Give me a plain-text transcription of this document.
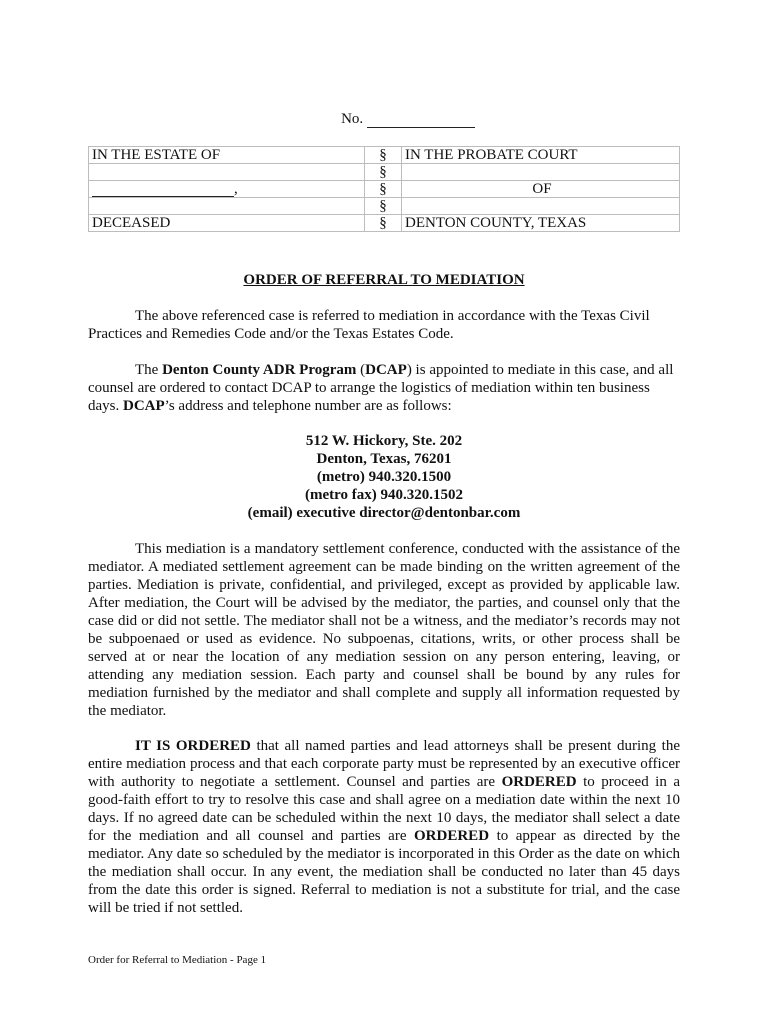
No.
IN THE ESTATE OF	§	IN THE PROBATE COURT
	§	
,	§	OF
	§	
DECEASED	§	DENTON COUNTY, TEXAS
ORDER OF REFERRAL TO MEDIATION

The above referenced case is referred to mediation in accordance with the Texas Civil Practices and Remedies Code and/or the Texas Estates Code.

The Denton County ADR Program (DCAP) is appointed to mediate in this case, and all counsel are ordered to contact DCAP to arrange the logistics of mediation within ten business days. DCAP’s address and telephone number are as follows:

512 W. Hickory, Ste. 202
Denton, Texas, 76201
(metro) 940.320.1500
(metro fax) 940.320.1502
(email) executive director@dentonbar.com

This mediation is a mandatory settlement conference, conducted with the assistance of the mediator. A mediated settlement agreement can be made binding on the written agreement of the parties. Mediation is private, confidential, and privileged, except as provided by applicable law. After mediation, the Court will be advised by the mediator, the parties, and counsel only that the case did or did not settle. The mediator shall not be a witness, and the mediator’s records may not be subpoenaed or used as evidence. No subpoenas, citations, writs, or other process shall be served at or near the location of any mediation session on any person entering, leaving, or attending any mediation session. Each party and counsel shall be bound by any rules for mediation furnished by the mediator and shall complete and supply all information requested by the mediator.

IT IS ORDERED that all named parties and lead attorneys shall be present during the entire mediation process and that each corporate party must be represented by an executive officer with authority to negotiate a settlement. Counsel and parties are ORDERED to proceed in a good-faith effort to try to resolve this case and shall agree on a mediation date within the next 10 days. If no agreed date can be scheduled within the next 10 days, the mediator shall select a date for the mediation and all counsel and parties are ORDERED to appear as directed by the mediator. Any date so scheduled by the mediator is incorporated in this Order as the date on which the mediation shall occur. In any event, the mediation shall be conducted no later than 45 days from the date this order is signed. Referral to mediation is not a substitute for trial, and the case will be tried if not settled.

Order for Referral to Mediation - Page 1
